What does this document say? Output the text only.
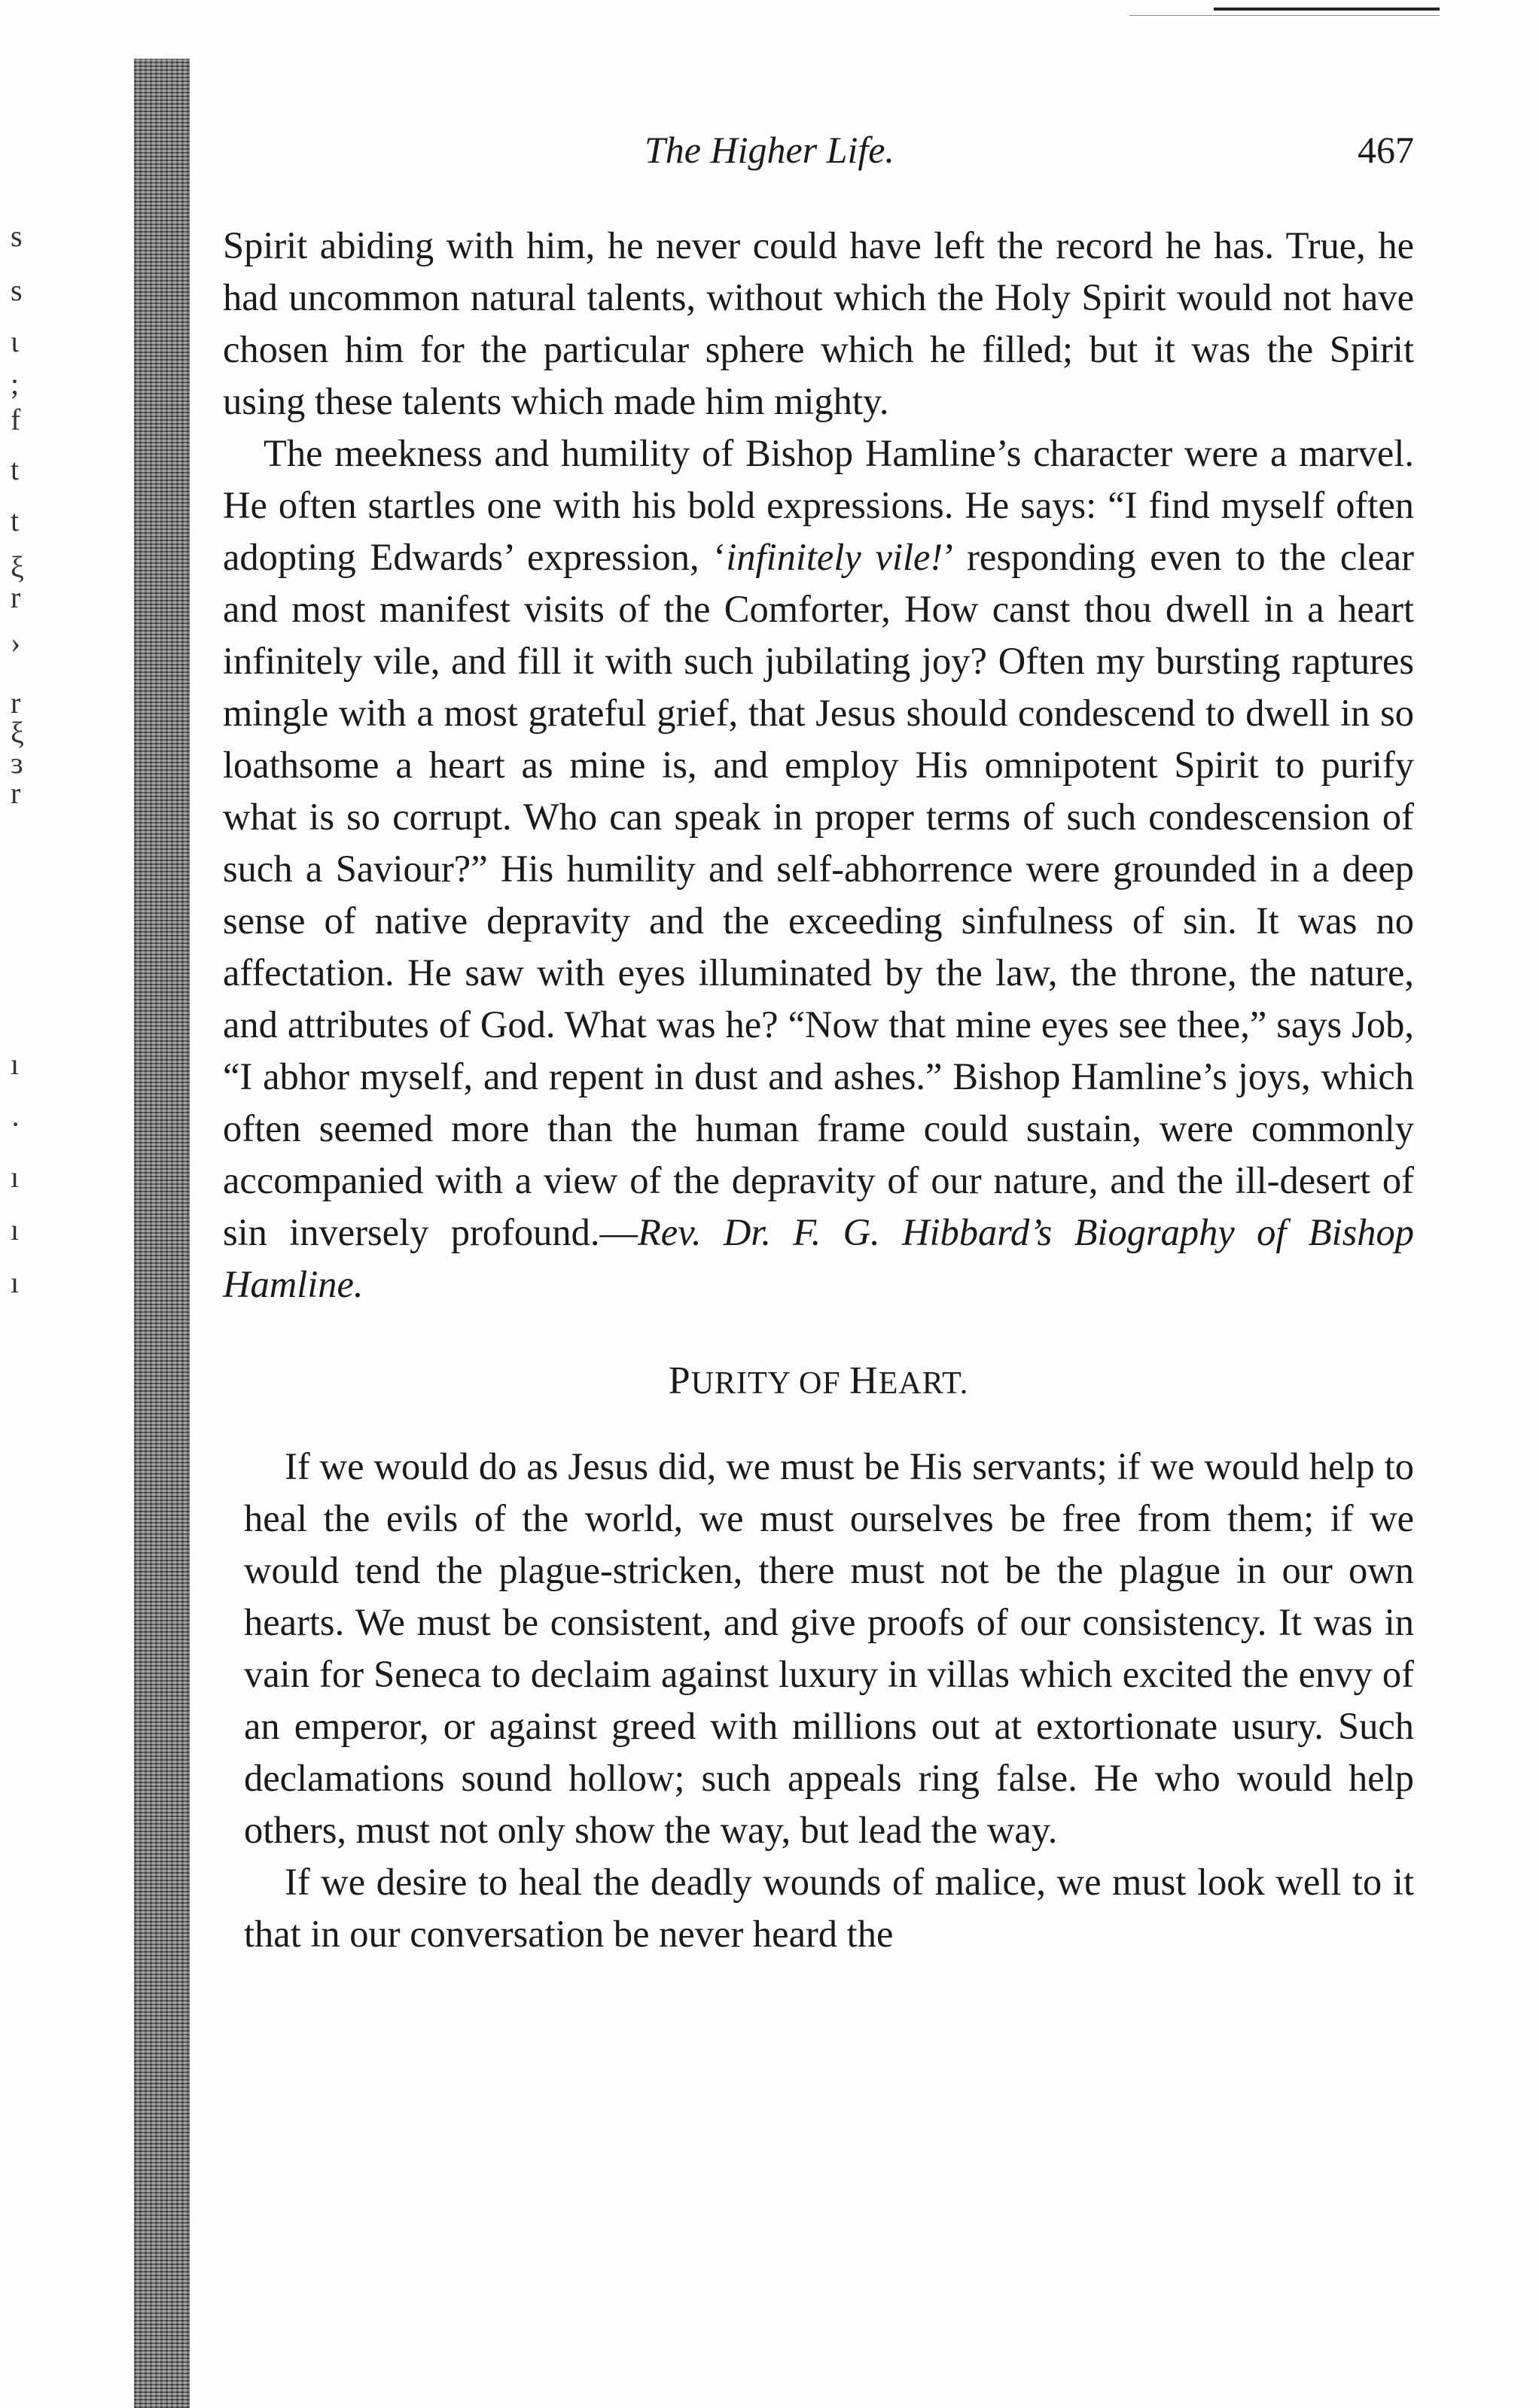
s
s
ι
;
f
t
t
ξ
r
›
r
ξ
ɜ
r
ı
·
ı
ı
ı
The Higher Life.	467

Spirit abiding with him, he never could have left the record he has. True, he had uncommon natural talents, without which the Holy Spirit would not have chosen him for the particular sphere which he filled; but it was the Spirit using these talents which made him mighty.

The meekness and humility of Bishop Hamline’s character were a marvel. He often startles one with his bold expressions. He says: “I find myself often adopting Edwards’ expression, ‘infinitely vile!’ responding even to the clear and most manifest visits of the Comforter, How canst thou dwell in a heart infinitely vile, and fill it with such jubilating joy? Often my bursting raptures mingle with a most grateful grief, that Jesus should condescend to dwell in so loathsome a heart as mine is, and employ His omnipotent Spirit to purify what is so corrupt. Who can speak in proper terms of such condescension of such a Saviour?” His humility and self-abhorrence were grounded in a deep sense of native depravity and the exceeding sinfulness of sin. It was no affectation. He saw with eyes illuminated by the law, the throne, the nature, and attributes of God. What was he? “Now that mine eyes see thee,” says Job, “I abhor myself, and repent in dust and ashes.” Bishop Hamline’s joys, which often seemed more than the human frame could sustain, were commonly accompanied with a view of the depravity of our nature, and the ill-desert of sin inversely profound.—Rev. Dr. F. G. Hibbard’s Biography of Bishop Hamline.

PURITY OF HEART.

If we would do as Jesus did, we must be His servants; if we would help to heal the evils of the world, we must ourselves be free from them; if we would tend the plague-stricken, there must not be the plague in our own hearts. We must be consistent, and give proofs of our consistency. It was in vain for Seneca to declaim against luxury in villas which excited the envy of an emperor, or against greed with millions out at extortionate usury. Such declamations sound hollow; such appeals ring false. He who would help others, must not only show the way, but lead the way.

If we desire to heal the deadly wounds of malice, we must look well to it that in our conversation be never heard the
